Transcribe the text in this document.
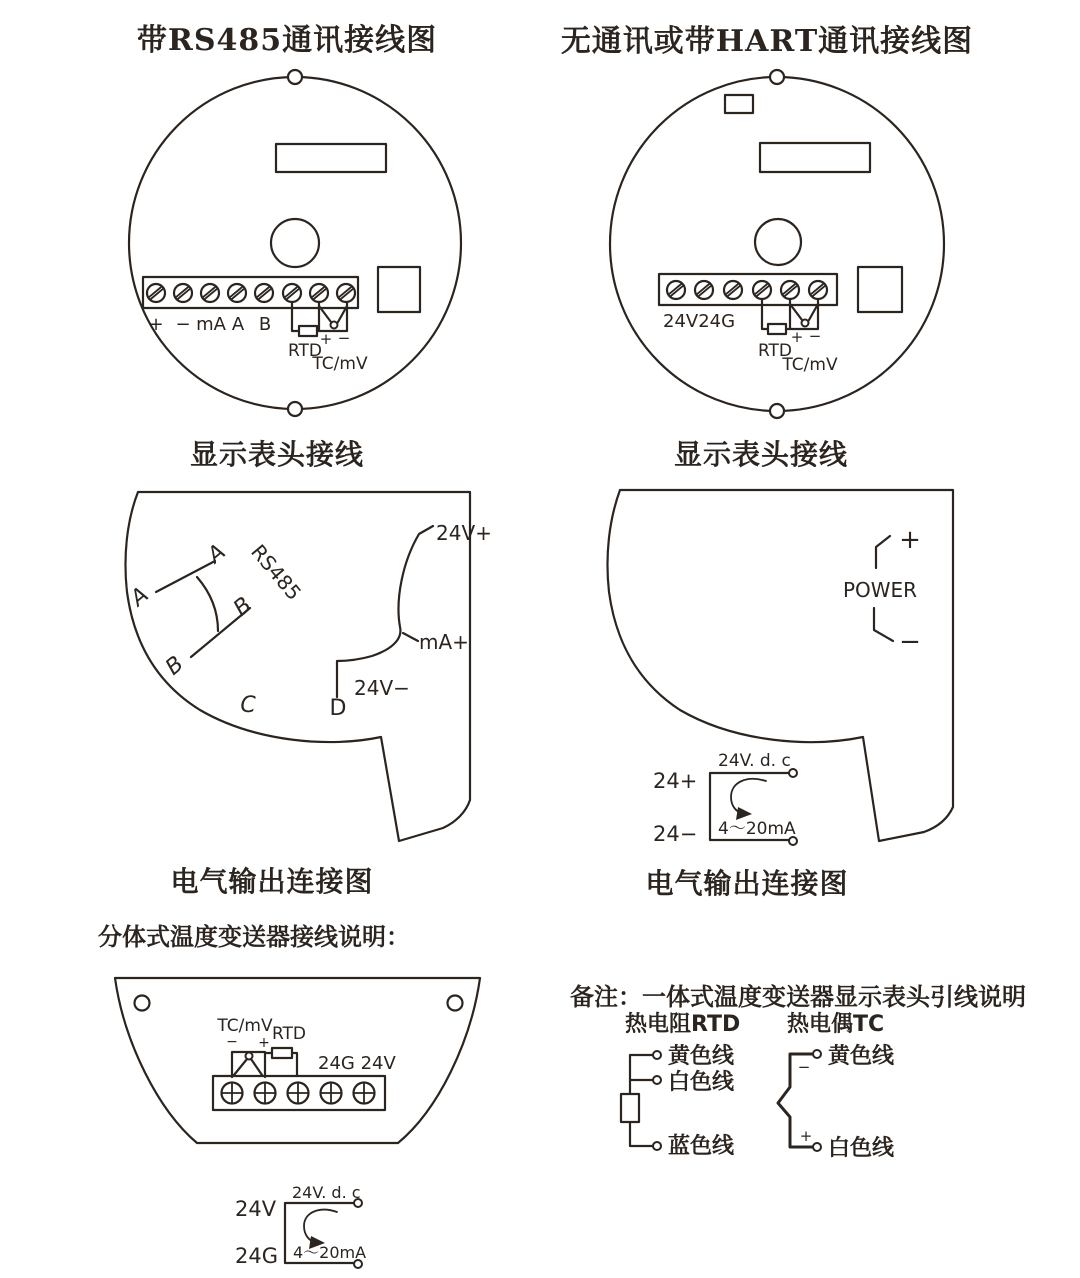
带RS485通讯接线图	无通讯或带HART通讯接线图
+ − mA A B
+ −
RTD
TC/mV
24V24G
+ −
RTD
TC/mV
显示表头接线	显示表头接线
A
A
B
B
RS485
C	D
24V+
mA+
24V−
+
−
POWER
24V. d. c
24+
24− 4～20mA
电气输出连接图	电气输出连接图
分体式温度变送器接线说明：
TC/mV RTD
− +
24G 24V
24V. d. c
24V
24G 4～20mA
备注：一体式温度变送器显示表头引线说明
热电阻RTD 热电偶TC
黄色线
白色线
蓝色线
−
+
黄色线
白色线
